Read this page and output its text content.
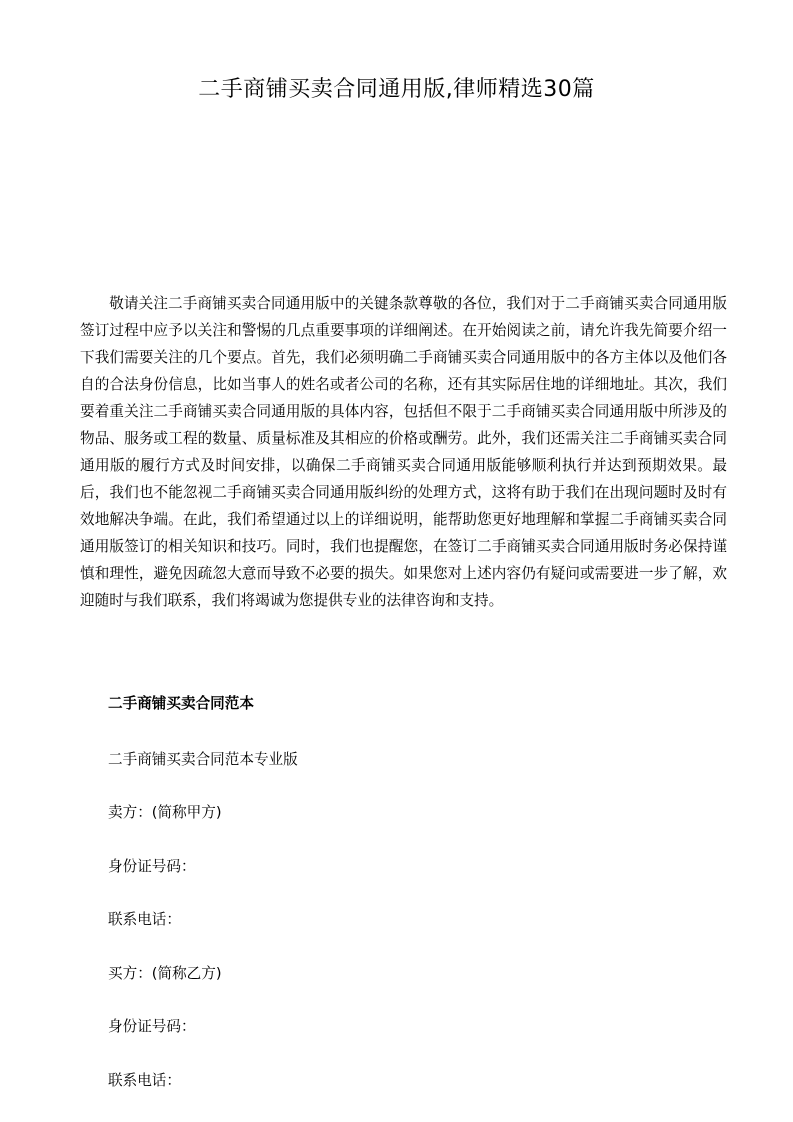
二手商铺买卖合同通用版,律师精选30篇

敬请关注二手商铺买卖合同通用版中的关键条款尊敬的各位，我们对于二手商铺买卖合同通用版签订过程中应予以关注和警惕的几点重要事项的详细阐述。在开始阅读之前，请允许我先简要介绍一下我们需要关注的几个要点。首先，我们必须明确二手商铺买卖合同通用版中的各方主体以及他们各自的合法身份信息，比如当事人的姓名或者公司的名称，还有其实际居住地的详细地址。其次，我们要着重关注二手商铺买卖合同通用版的具体内容，包括但不限于二手商铺买卖合同通用版中所涉及的物品、服务或工程的数量、质量标准及其相应的价格或酬劳。此外，我们还需关注二手商铺买卖合同通用版的履行方式及时间安排，以确保二手商铺买卖合同通用版能够顺利执行并达到预期效果。最后，我们也不能忽视二手商铺买卖合同通用版纠纷的处理方式，这将有助于我们在出现问题时及时有效地解决争端。在此，我们希望通过以上的详细说明，能帮助您更好地理解和掌握二手商铺买卖合同通用版签订的相关知识和技巧。同时，我们也提醒您，在签订二手商铺买卖合同通用版时务必保持谨慎和理性，避免因疏忽大意而导致不必要的损失。如果您对上述内容仍有疑问或需要进一步了解，欢迎随时与我们联系，我们将竭诚为您提供专业的法律咨询和支持。

二手商铺买卖合同范本
二手商铺买卖合同范本专业版
卖方：(简称甲方)
身份证号码：
联系电话：
买方：(简称乙方)
身份证号码：
联系电话：
